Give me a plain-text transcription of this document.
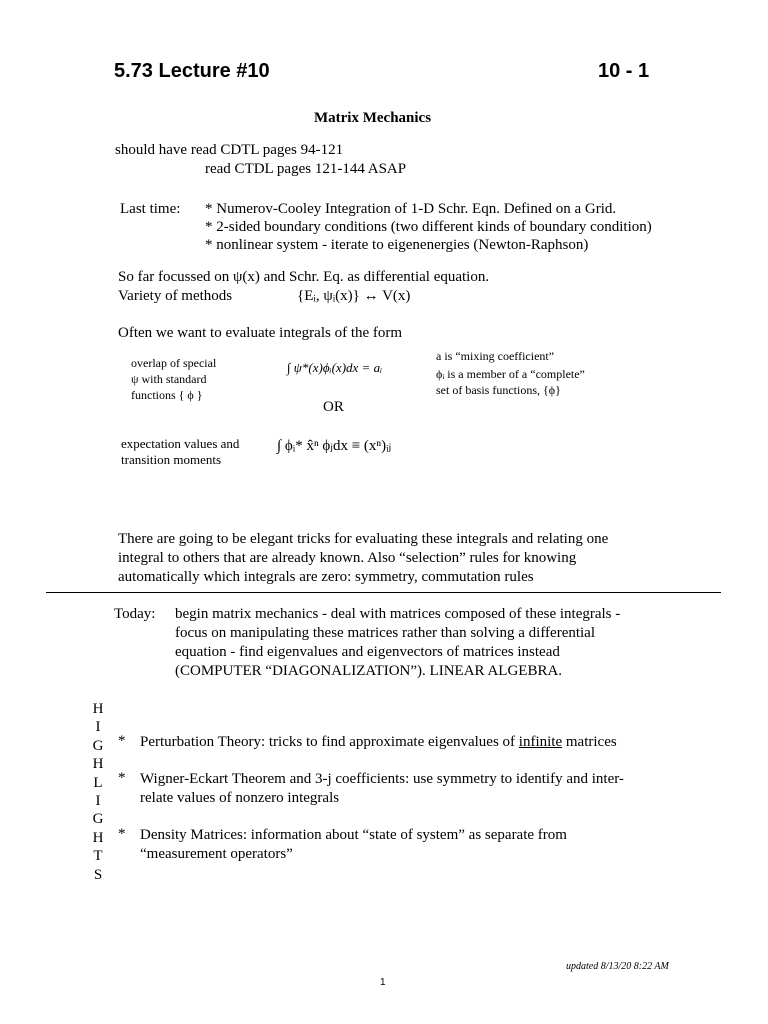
5.73 Lecture #10	10 - 1
Matrix Mechanics
should have read CDTL pages 94-121
read CTDL pages 121-144 ASAP
Last time: * Numerov-Cooley Integration of 1-D Schr. Eqn. Defined on a Grid.
* 2-sided boundary conditions (two different kinds of boundary condition)
* nonlinear system - iterate to eigenenergies (Newton-Raphson)
So far focussed on ψ(x) and Schr. Eq. as differential equation.
Variety of methods	{Eᵢ, ψᵢ(x)} ↔ V(x)
Often we want to evaluate integrals of the form
overlap of special
ψ with standard
functions { ϕ }
∫ ψ*(x)ϕᵢ(x)dx = aᵢ
a is “mixing coefficient”
ϕᵢ is a member of a “complete”
set of basis functions, {ϕ}
OR
expectation values and
transition moments
∫ ϕᵢ* x̂ⁿ ϕⱼdx ≡ (xⁿ)ᵢⱼ
There are going to be elegant tricks for evaluating these integrals and relating one
integral to others that are already known. Also “selection” rules for knowing
automatically which integrals are zero: symmetry, commutation rules
Today: begin matrix mechanics - deal with matrices composed of these integrals -
focus on manipulating these matrices rather than solving a differential
equation - find eigenvalues and eigenvectors of matrices instead
(COMPUTER “DIAGONALIZATION”). LINEAR ALGEBRA.
H
I
G
H
L
I
G
H
T
S
* Perturbation Theory: tricks to find approximate eigenvalues of infinite matrices
* Wigner-Eckart Theorem and 3-j coefficients: use symmetry to identify and inter-
relate values of nonzero integrals
* Density Matrices: information about “state of system” as separate from
“measurement operators”
updated 8/13/20 8:22 AM
1
